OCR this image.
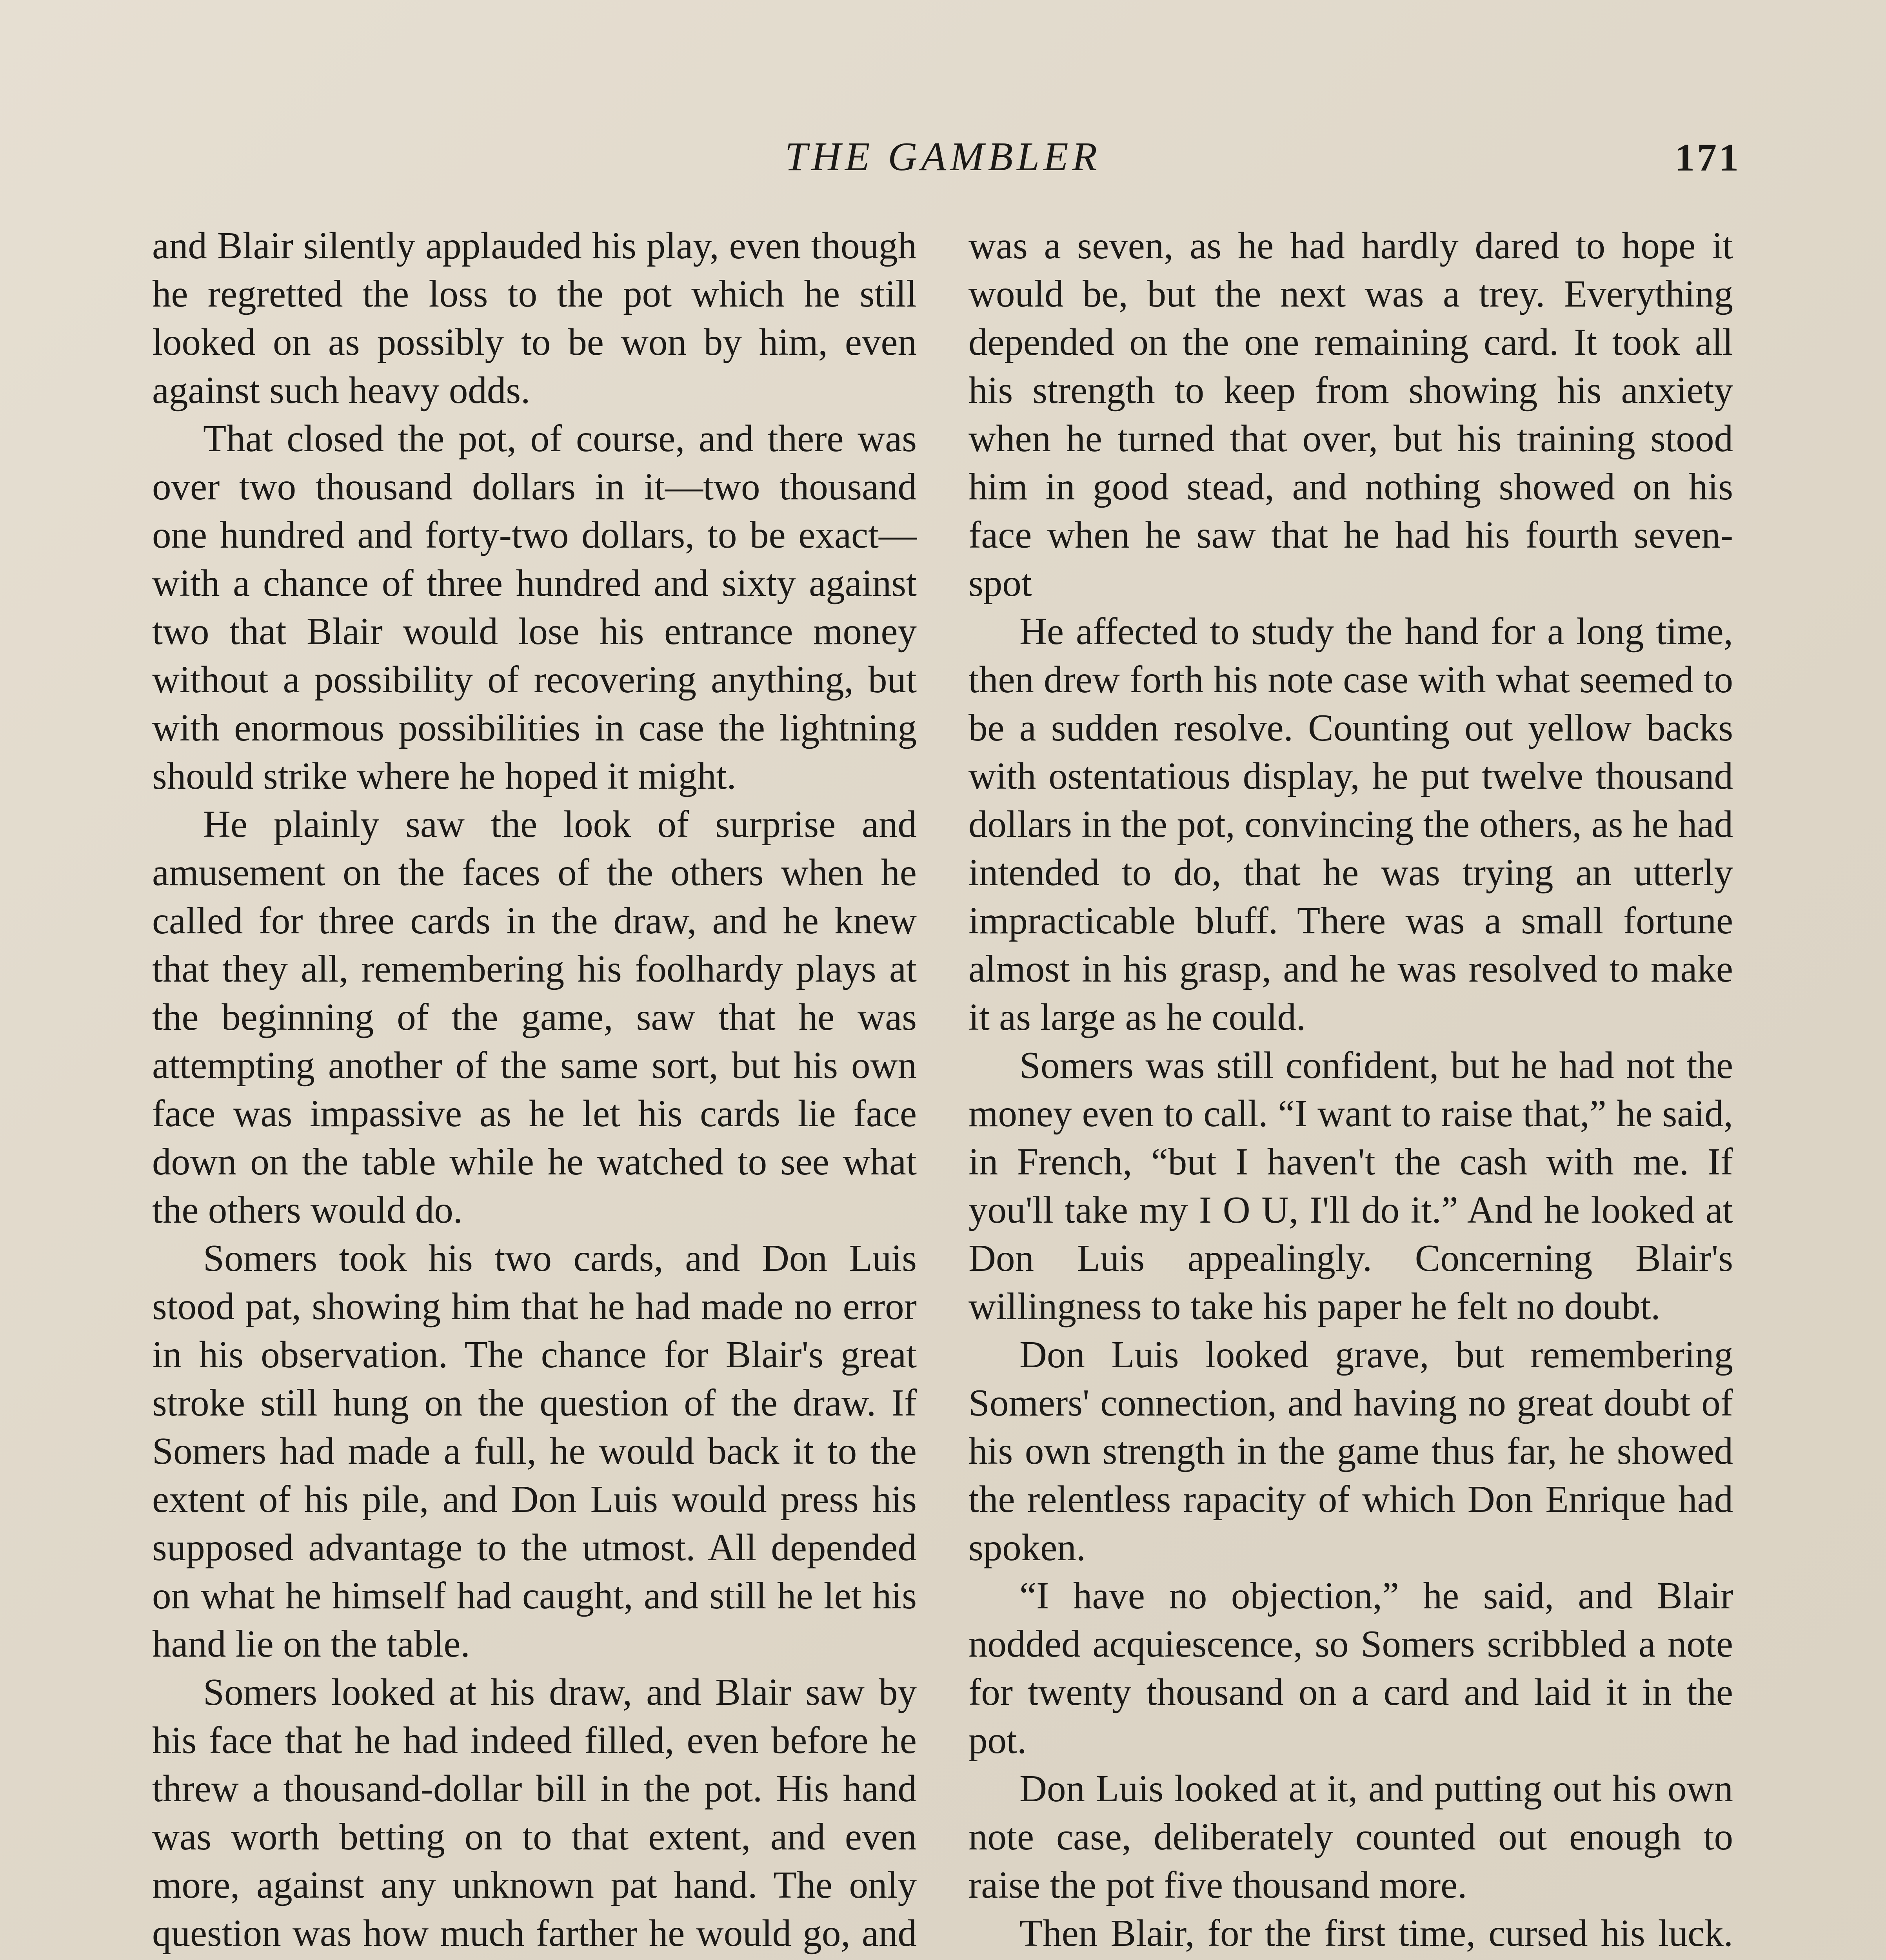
THE GAMBLER	171

and Blair silently applauded his play, even though he regretted the loss to the pot which he still looked on as possibly to be won by him, even against such heavy odds.

That closed the pot, of course, and there was over two thousand dollars in it—two thousand one hundred and forty-two dollars, to be exact—with a chance of three hundred and sixty against two that Blair would lose his entrance money without a possibility of recovering anything, but with enormous possibilities in case the lightning should strike where he hoped it might.

He plainly saw the look of surprise and amusement on the faces of the others when he called for three cards in the draw, and he knew that they all, remembering his foolhardy plays at the beginning of the game, saw that he was attempting another of the same sort, but his own face was impassive as he let his cards lie face down on the table while he watched to see what the others would do.

Somers took his two cards, and Don Luis stood pat, showing him that he had made no error in his observation. The chance for Blair's great stroke still hung on the question of the draw. If Somers had made a full, he would back it to the extent of his pile, and Don Luis would press his supposed advantage to the utmost. All depended on what he himself had caught, and still he let his hand lie on the table.

Somers looked at his draw, and Blair saw by his face that he had indeed filled, even before he threw a thousand-dollar bill in the pot. His hand was worth betting on to that extent, and even more, against any unknown pat hand. The only question was how much farther he would go, and

was a seven, as he had hardly dared to hope it would be, but the next was a trey. Everything depended on the one remaining card. It took all his strength to keep from showing his anxiety when he turned that over, but his training stood him in good stead, and nothing showed on his face when he saw that he had his fourth seven-spot

He affected to study the hand for a long time, then drew forth his note case with what seemed to be a sudden resolve. Counting out yellow backs with ostentatious display, he put twelve thousand dollars in the pot, convincing the others, as he had intended to do, that he was trying an utterly impracticable bluff. There was a small fortune almost in his grasp, and he was resolved to make it as large as he could.

Somers was still confident, but he had not the money even to call. “I want to raise that,” he said, in French, “but I haven't the cash with me. If you'll take my I O U, I'll do it.” And he looked at Don Luis appealingly. Concerning Blair's willingness to take his paper he felt no doubt.

Don Luis looked grave, but remembering Somers' connection, and having no great doubt of his own strength in the game thus far, he showed the relentless rapacity of which Don Enrique had spoken.

“I have no objection,” he said, and Blair nodded acquiescence, so Somers scribbled a note for twenty thousand on a card and laid it in the pot.

Don Luis looked at it, and putting out his own note case, deliberately counted out enough to raise the pot five thousand more.

Then Blair, for the first time, cursed his luck.
